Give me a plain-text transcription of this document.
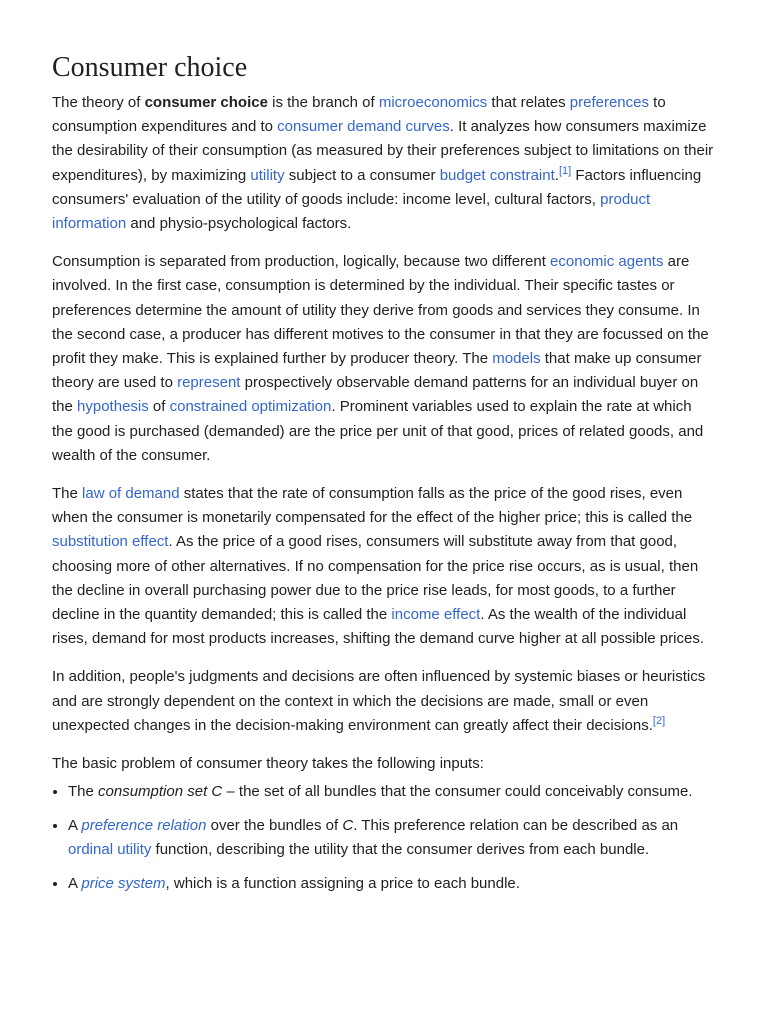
Consumer choice

The theory of consumer choice is the branch of microeconomics that relates preferences to consumption expenditures and to consumer demand curves. It analyzes how consumers maximize the desirability of their consumption (as measured by their preferences subject to limitations on their expenditures), by maximizing utility subject to a consumer budget constraint.[1] Factors influencing consumers' evaluation of the utility of goods include: income level, cultural factors, product information and physio-psychological factors.

Consumption is separated from production, logically, because two different economic agents are involved. In the first case, consumption is determined by the individual. Their specific tastes or preferences determine the amount of utility they derive from goods and services they consume. In the second case, a producer has different motives to the consumer in that they are focussed on the profit they make. This is explained further by producer theory. The models that make up consumer theory are used to represent prospectively observable demand patterns for an individual buyer on the hypothesis of constrained optimization. Prominent variables used to explain the rate at which the good is purchased (demanded) are the price per unit of that good, prices of related goods, and wealth of the consumer.

The law of demand states that the rate of consumption falls as the price of the good rises, even when the consumer is monetarily compensated for the effect of the higher price; this is called the substitution effect. As the price of a good rises, consumers will substitute away from that good, choosing more of other alternatives. If no compensation for the price rise occurs, as is usual, then the decline in overall purchasing power due to the price rise leads, for most goods, to a further decline in the quantity demanded; this is called the income effect. As the wealth of the individual rises, demand for most products increases, shifting the demand curve higher at all possible prices.

In addition, people's judgments and decisions are often influenced by systemic biases or heuristics and are strongly dependent on the context in which the decisions are made, small or even unexpected changes in the decision-making environment can greatly affect their decisions.[2]

The basic problem of consumer theory takes the following inputs:

• The consumption set C – the set of all bundles that the consumer could conceivably consume.
• A preference relation over the bundles of C. This preference relation can be described as an ordinal utility function, describing the utility that the consumer derives from each bundle.
• A price system, which is a function assigning a price to each bundle.
